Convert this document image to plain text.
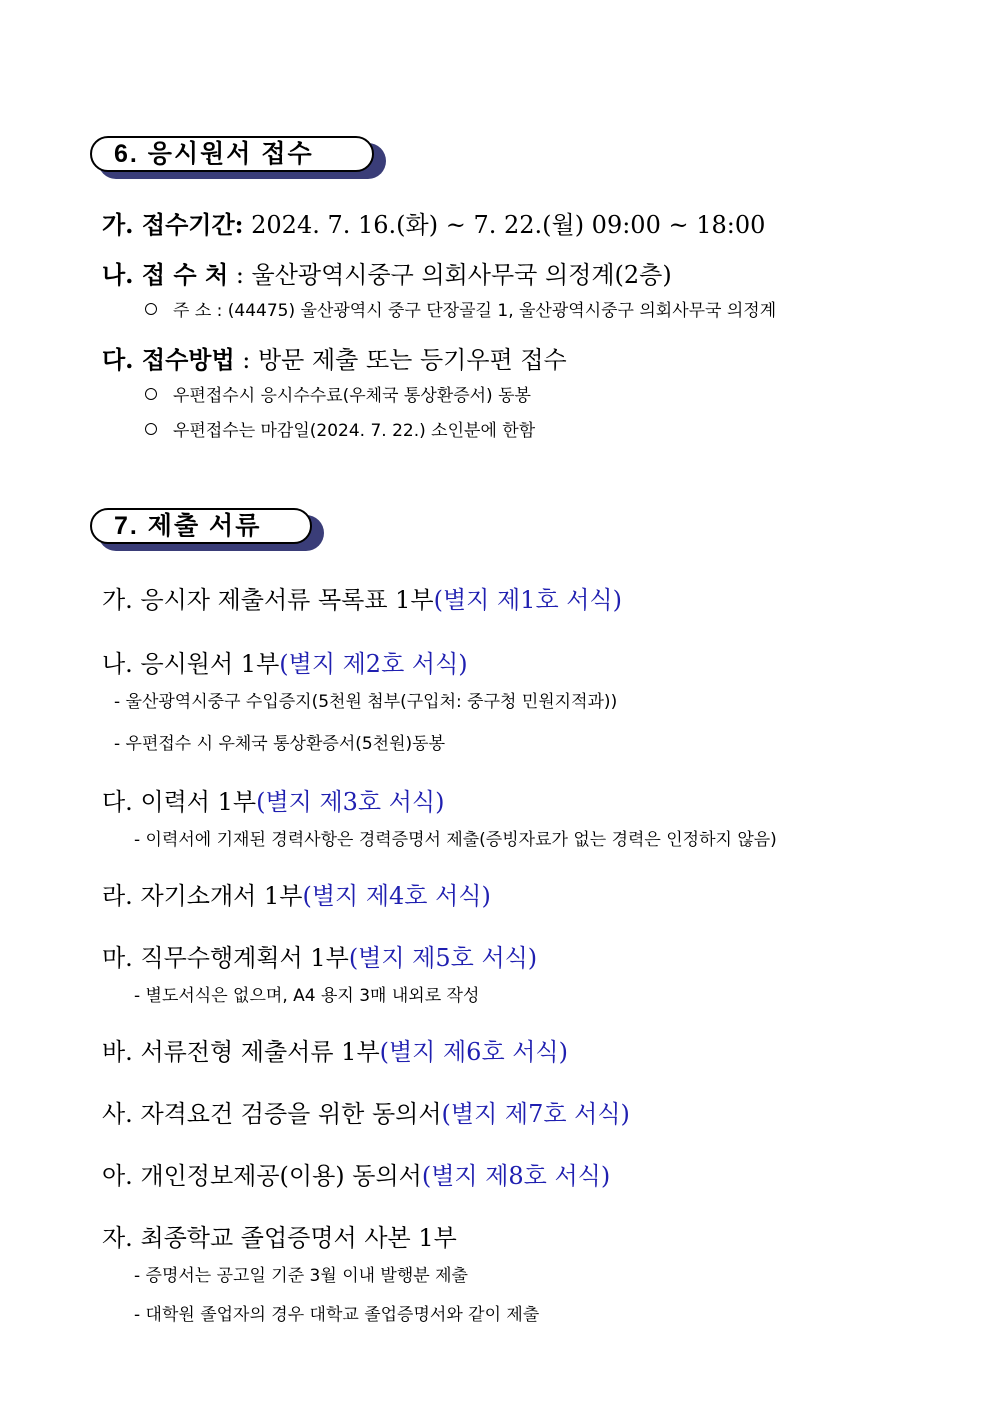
6. 응시원서 접수
가. 접수기간: 2024. 7. 16.(화) ~ 7. 22.(월) 09:00 ~ 18:00
나. 접 수 처 : 울산광역시중구 의회사무국 의정계(2층)
주 소 : (44475) 울산광역시 중구 단장골길 1, 울산광역시중구 의회사무국 의정계
다. 접수방법 : 방문 제출 또는 등기우편 접수
우편접수시 응시수수료(우체국 통상환증서) 동봉
우편접수는 마감일(2024. 7. 22.) 소인분에 한함
7. 제출 서류
가. 응시자 제출서류 목록표 1부(별지 제1호 서식)
나. 응시원서 1부(별지 제2호 서식)
- 울산광역시중구 수입증지(5천원 첨부(구입처: 중구청 민원지적과))
- 우편접수 시 우체국 통상환증서(5천원)동봉
다. 이력서 1부(별지 제3호 서식)
- 이력서에 기재된 경력사항은 경력증명서 제출(증빙자료가 없는 경력은 인정하지 않음)
라. 자기소개서 1부(별지 제4호 서식)
마. 직무수행계획서 1부(별지 제5호 서식)
- 별도서식은 없으며, A4 용지 3매 내외로 작성
바. 서류전형 제출서류 1부(별지 제6호 서식)
사. 자격요건 검증을 위한 동의서(별지 제7호 서식)
아. 개인정보제공(이용) 동의서(별지 제8호 서식)
자. 최종학교 졸업증명서 사본 1부
- 증명서는 공고일 기준 3월 이내 발행분 제출
- 대학원 졸업자의 경우 대학교 졸업증명서와 같이 제출
